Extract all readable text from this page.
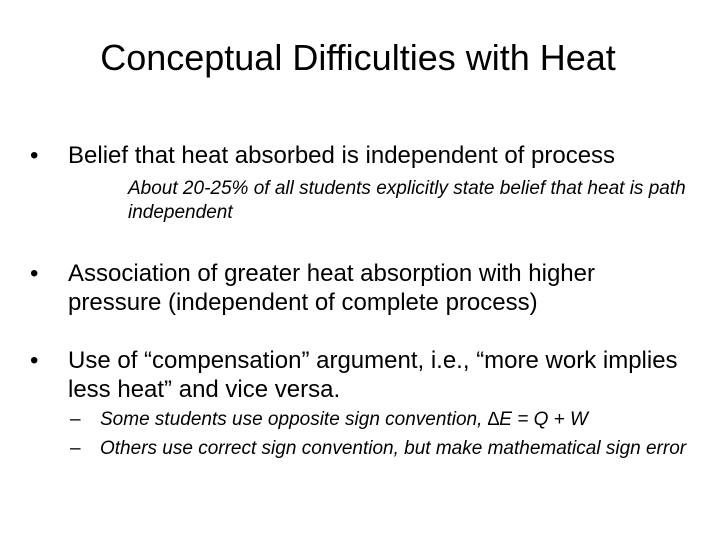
Conceptual Difficulties with Heat
•	Belief that heat absorbed is independent of process
About 20-25% of all students explicitly state belief that heat is path independent
•	Association of greater heat absorption with higher pressure (independent of complete process)
•	Use of “compensation” argument, i.e., “more work implies less heat” and vice versa.
– Some students use opposite sign convention, ∆E = Q + W
– Others use correct sign convention, but make mathematical sign error
